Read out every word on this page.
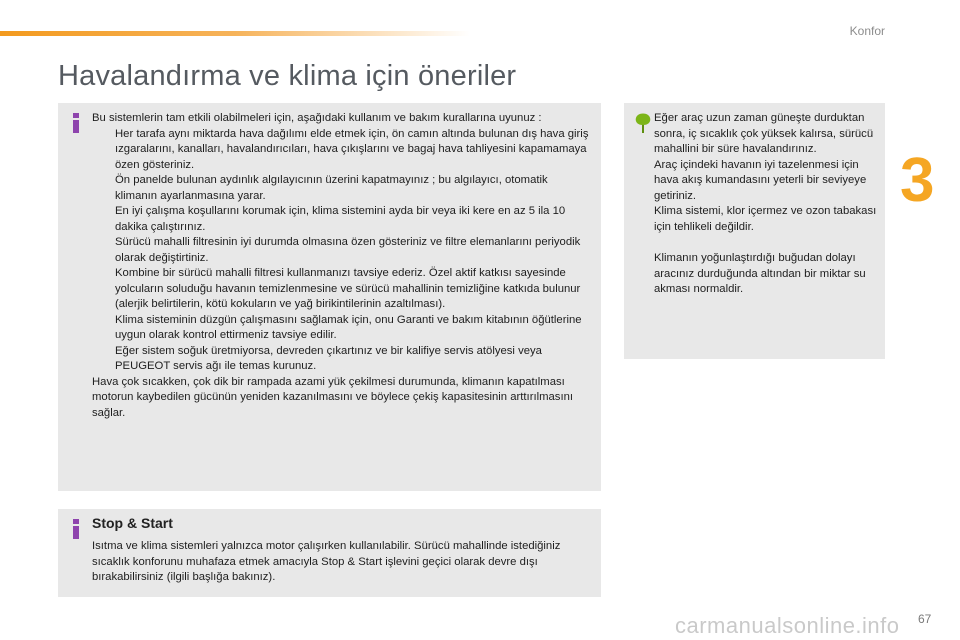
Konfor
3
Havalandırma ve klima için öneriler

Bu sistemlerin tam etkili olabilmeleri için, aşağıdaki kullanım ve bakım kurallarına uyunuz :

Her tarafa aynı miktarda hava dağılımı elde etmek için, ön camın altında bulunan dış hava giriş ızgaralarını, kanalları, havalandırıcıları, hava çıkışlarını ve bagaj hava tahliyesini kapamamaya özen gösteriniz.
Ön panelde bulunan aydınlık algılayıcının üzerini kapatmayınız ; bu algılayıcı, otomatik klimanın ayarlanmasına yarar.
En iyi çalışma koşullarını korumak için, klima sistemini ayda bir veya iki kere en az 5 ila 10 dakika çalıştırınız.
Sürücü mahalli filtresinin iyi durumda olmasına özen gösteriniz ve filtre elemanlarını periyodik olarak değiştirtiniz.
Kombine bir sürücü mahalli filtresi kullanmanızı tavsiye ederiz. Özel aktif katkısı sayesinde yolcuların soluduğu havanın temizlenmesine ve sürücü mahallinin temizliğine katkıda bulunur (alerjik belirtilerin, kötü kokuların ve yağ birikintilerinin azaltılması).
Klima sisteminin düzgün çalışmasını sağlamak için, onu Garanti ve bakım kitabının öğütlerine uygun olarak kontrol ettirmeniz tavsiye edilir.
Eğer sistem soğuk üretmiyorsa, devreden çıkartınız ve bir kalifiye servis atölyesi veya PEUGEOT servis ağı ile temas kurunuz.

Hava çok sıcakken, çok dik bir rampada azami yük çekilmesi durumunda, klimanın kapatılması motorun kaybedilen gücünün yeniden kazanılmasını ve böylece çekiş kapasitesinin arttırılmasını sağlar.

Eğer araç uzun zaman güneşte durduktan sonra, iç sıcaklık çok yüksek kalırsa, sürücü mahallini bir süre havalandırınız.
Araç içindeki havanın iyi tazelenmesi için hava akış kumandasını yeterli bir seviyeye getiriniz.
Klima sistemi, klor içermez ve ozon tabakası için tehlikeli değildir.

Klimanın yoğunlaştırdığı buğudan dolayı aracınız durduğunda altından bir miktar su akması normaldir.

Stop & Start
Isıtma ve klima sistemleri yalnızca motor çalışırken kullanılabilir. Sürücü mahallinde istediğiniz sıcaklık konforunu muhafaza etmek amacıyla Stop & Start işlevini geçici olarak devre dışı bırakabilirsiniz (ilgili başlığa bakınız).
67
carmanualsonline.info
